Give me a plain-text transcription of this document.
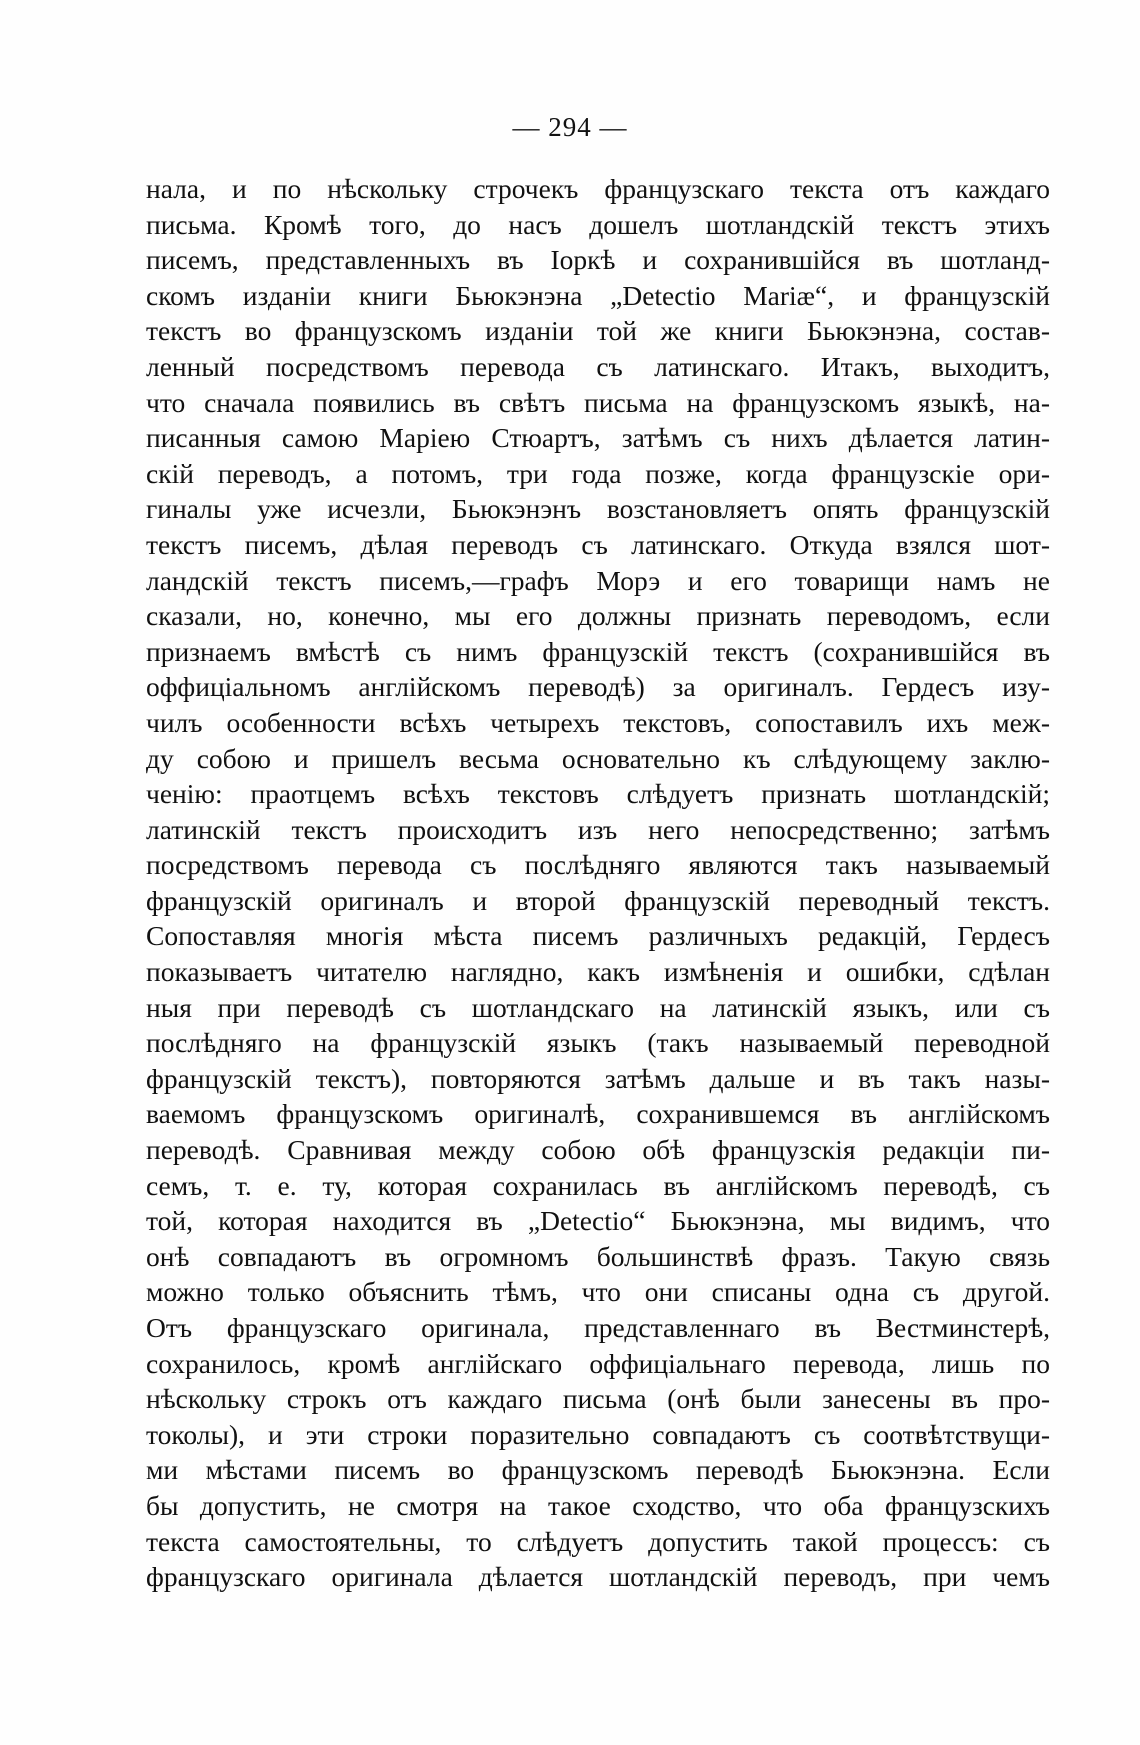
— 294 —
нала, и по нѣскольку строчекъ французскаго текста отъ каждаго
письма. Кромѣ того, до насъ дошелъ шотландскій текстъ этихъ
писемъ, представленныхъ въ Іоркѣ и сохранившійся въ шотланд-
скомъ изданіи книги Бьюкэнэна „Detectio Mariæ“, и французскій
текстъ во французскомъ изданіи той же книги Бьюкэнэна, состав-
ленный посредствомъ перевода съ латинскаго. Итакъ, выходитъ,
что сначала появились въ свѣтъ письма на французскомъ языкѣ, на-
писанныя самою Маріею Стюартъ, затѣмъ съ нихъ дѣлается латин-
скій переводъ, а потомъ, три года позже, когда французскіе ори-
гиналы уже исчезли, Бьюкэнэнъ возстановляетъ опять французскій
текстъ писемъ, дѣлая переводъ съ латинскаго. Откуда взялся шот-
ландскій текстъ писемъ,—графъ Морэ и его товарищи намъ не
сказали, но, конечно, мы его должны признать переводомъ, если
признаемъ вмѣстѣ съ нимъ французскій текстъ (сохранившійся въ
оффиціальномъ англійскомъ переводѣ) за оригиналъ. Гердесъ изу-
чилъ особенности всѣхъ четырехъ текстовъ, сопоставилъ ихъ меж-
ду собою и пришелъ весьма основательно къ слѣдующему заклю-
ченію: праотцемъ всѣхъ текстовъ слѣдуетъ признать шотландскій;
латинскій текстъ происходитъ изъ него непосредственно; затѣмъ
посредствомъ перевода съ послѣдняго являются такъ называемый
французскій оригиналъ и второй французскій переводный текстъ.
Сопоставляя многія мѣста писемъ различныхъ редакцій, Гердесъ
показываетъ читателю наглядно, какъ измѣненія и ошибки, сдѣлан
ныя при переводѣ съ шотландскаго на латинскій языкъ, или съ
послѣдняго на французскій языкъ (такъ называемый переводной
французскій текстъ), повторяются затѣмъ дальше и въ такъ назы-
ваемомъ французскомъ оригиналѣ, сохранившемся въ англійскомъ
переводѣ. Сравнивая между собою обѣ французскія редакціи пи-
семъ, т. е. ту, которая сохранилась въ англійскомъ переводѣ, съ
той, которая находится въ „Detectio“ Бьюкэнэна, мы видимъ, что
онѣ совпадаютъ въ огромномъ большинствѣ фразъ. Такую связь
можно только объяснить тѣмъ, что они списаны одна съ другой.
Отъ французскаго оригинала, представленнаго въ Вестминстерѣ,
сохранилось, кромѣ англійскаго оффиціальнаго перевода, лишь по
нѣскольку строкъ отъ каждаго письма (онѣ были занесены въ про-
токолы), и эти строки поразительно совпадаютъ съ соотвѣтствущи-
ми мѣстами писемъ во французскомъ переводѣ Бьюкэнэна. Если
бы допустить, не смотря на такое сходство, что оба французскихъ
текста самостоятельны, то слѣдуетъ допустить такой процессъ: съ
французскаго оригинала дѣлается шотландскій переводъ, при чемъ
